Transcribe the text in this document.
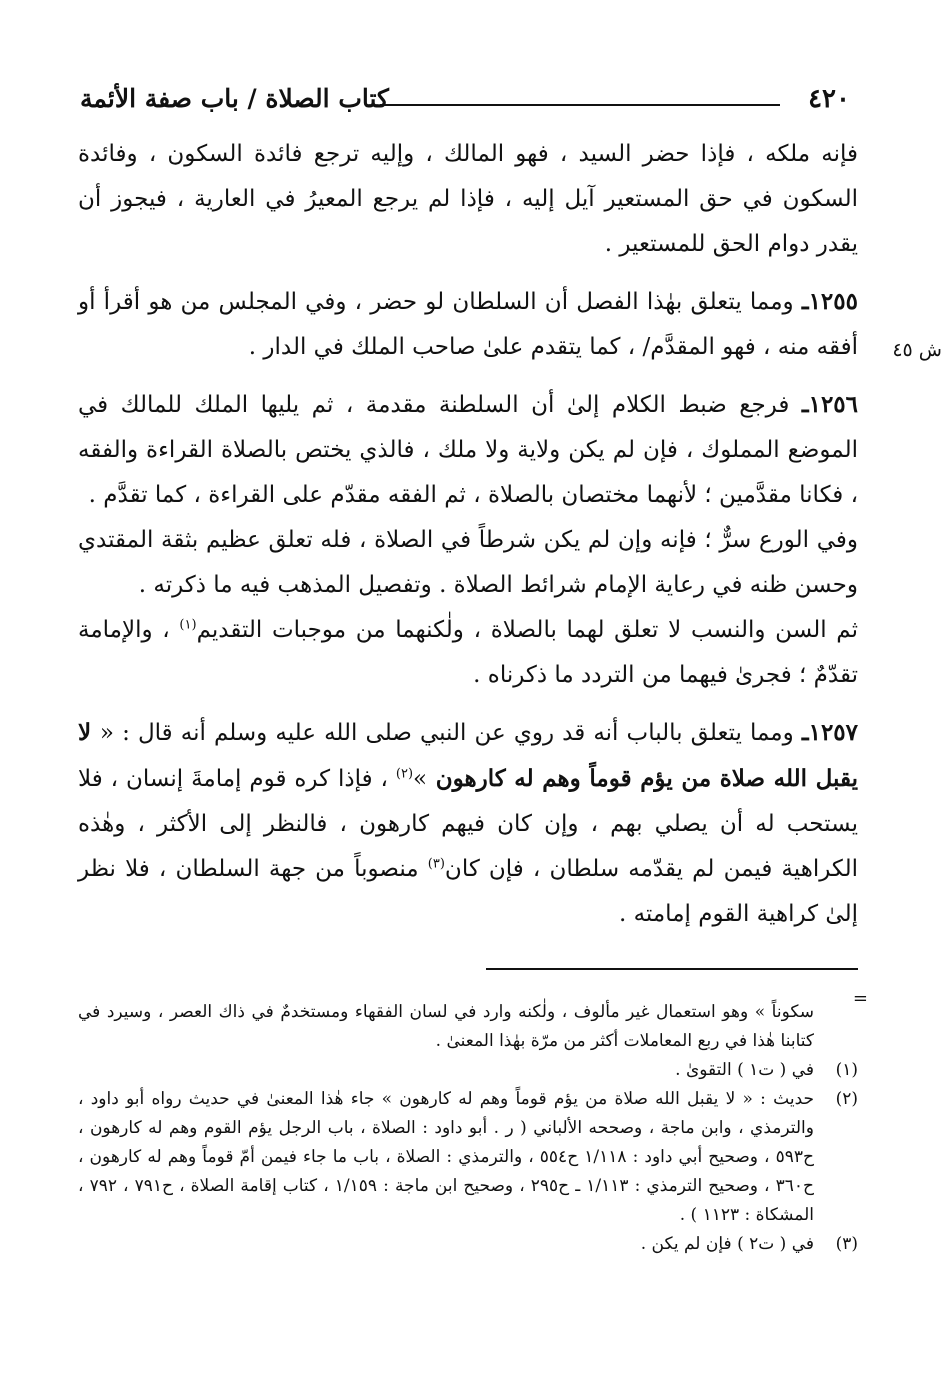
٤٢٠
كتاب الصلاة / باب صفة الأئمة
ش ٤٥

فإنه ملكه ، فإذا حضر السيد ، فهو المالك ، وإليه ترجع فائدة السكون ، وفائدة السكون في حق المستعير آيل إليه ، فإذا لم يرجع المعيرُ في العارية ، فيجوز أن يقدر دوام الحق للمستعير .

١٢٥٥ـ ومما يتعلق بهٰذا الفصل أن السلطان لو حضر ، وفي المجلس من هو أقرأ أو أفقه منه ، فهو المقدَّم/ ، كما يتقدم علىٰ صاحب الملك في الدار .

١٢٥٦ـ فرجع ضبط الكلام إلىٰ أن السلطنة مقدمة ، ثم يليها الملك للمالك في الموضع المملوك ، فإن لم يكن ولاية ولا ملك ، فالذي يختص بالصلاة القراءة والفقه ، فكانا مقدَّمين ؛ لأنهما مختصان بالصلاة ، ثم الفقه مقدّم على القراءة ، كما تقدَّم .

وفي الورع سرٌّ ؛ فإنه وإن لم يكن شرطاً في الصلاة ، فله تعلق عظيم بثقة المقتدي وحسن ظنه في رعاية الإمام شرائط الصلاة . وتفصيل المذهب فيه ما ذكرته .

ثم السن والنسب لا تعلق لهما بالصلاة ، ولٰكنهما من موجبات التقديم$^{(١)}$ ، والإمامة تقدّمٌ ؛ فجرىٰ فيهما من التردد ما ذكرناه .

١٢٥٧ـ ومما يتعلق بالباب أنه قد روي عن النبي صلى الله عليه وسلم أنه قال : « لا يقبل الله صلاة من يؤم قوماً وهم له كارهون »$^{(٢)}$ ، فإذا كره قوم إمامةَ إنسان ، فلا يستحب له أن يصلي بهم ، وإن كان فيهم كارهون ، فالنظر إلى الأكثر ، وهٰذه الكراهية فيمن لم يقدّمه سلطان ، فإن كان$^{(٣)}$ منصوباً من جهة السلطان ، فلا نظر إلىٰ كراهية القوم إمامته .

=

سكوناً » وهو استعمال غير مألوف ، ولٰكنه وارد في لسان الفقهاء ومستخدمٌ في ذاك العصر ، وسيرد في كتابنا هٰذا في ربع المعاملات أكثر من مرّة بهٰذا المعنىٰ .

(١)
في ( ت١ ) التقوىٰ .
(٢)
حديث : « لا يقبل الله صلاة من يؤم قوماً وهم له كارهون » جاء هٰذا المعنىٰ في حديث رواه أبو داود ، والترمذي ، وابن ماجة ، وصححه الألباني ( ر . أبو داود : الصلاة ، باب الرجل يؤم القوم وهم له كارهون ، ح٥٩٣ ، وصحيح أبي داود : ١/١١٨ ح٥٥٤ ، والترمذي : الصلاة ، باب ما جاء فيمن أمّ قوماً وهم له كارهون ، ح٣٦٠ ، وصحيح الترمذي : ١/١١٣ ـ ح٢٩٥ ، وصحيح ابن ماجة : ١/١٥٩ ، كتاب إقامة الصلاة ، ح٧٩١ ، ٧٩٢ ، المشكاة : ١١٢٣ ) .
(٣)
في ( ت٢ ) فإن لم يكن .
